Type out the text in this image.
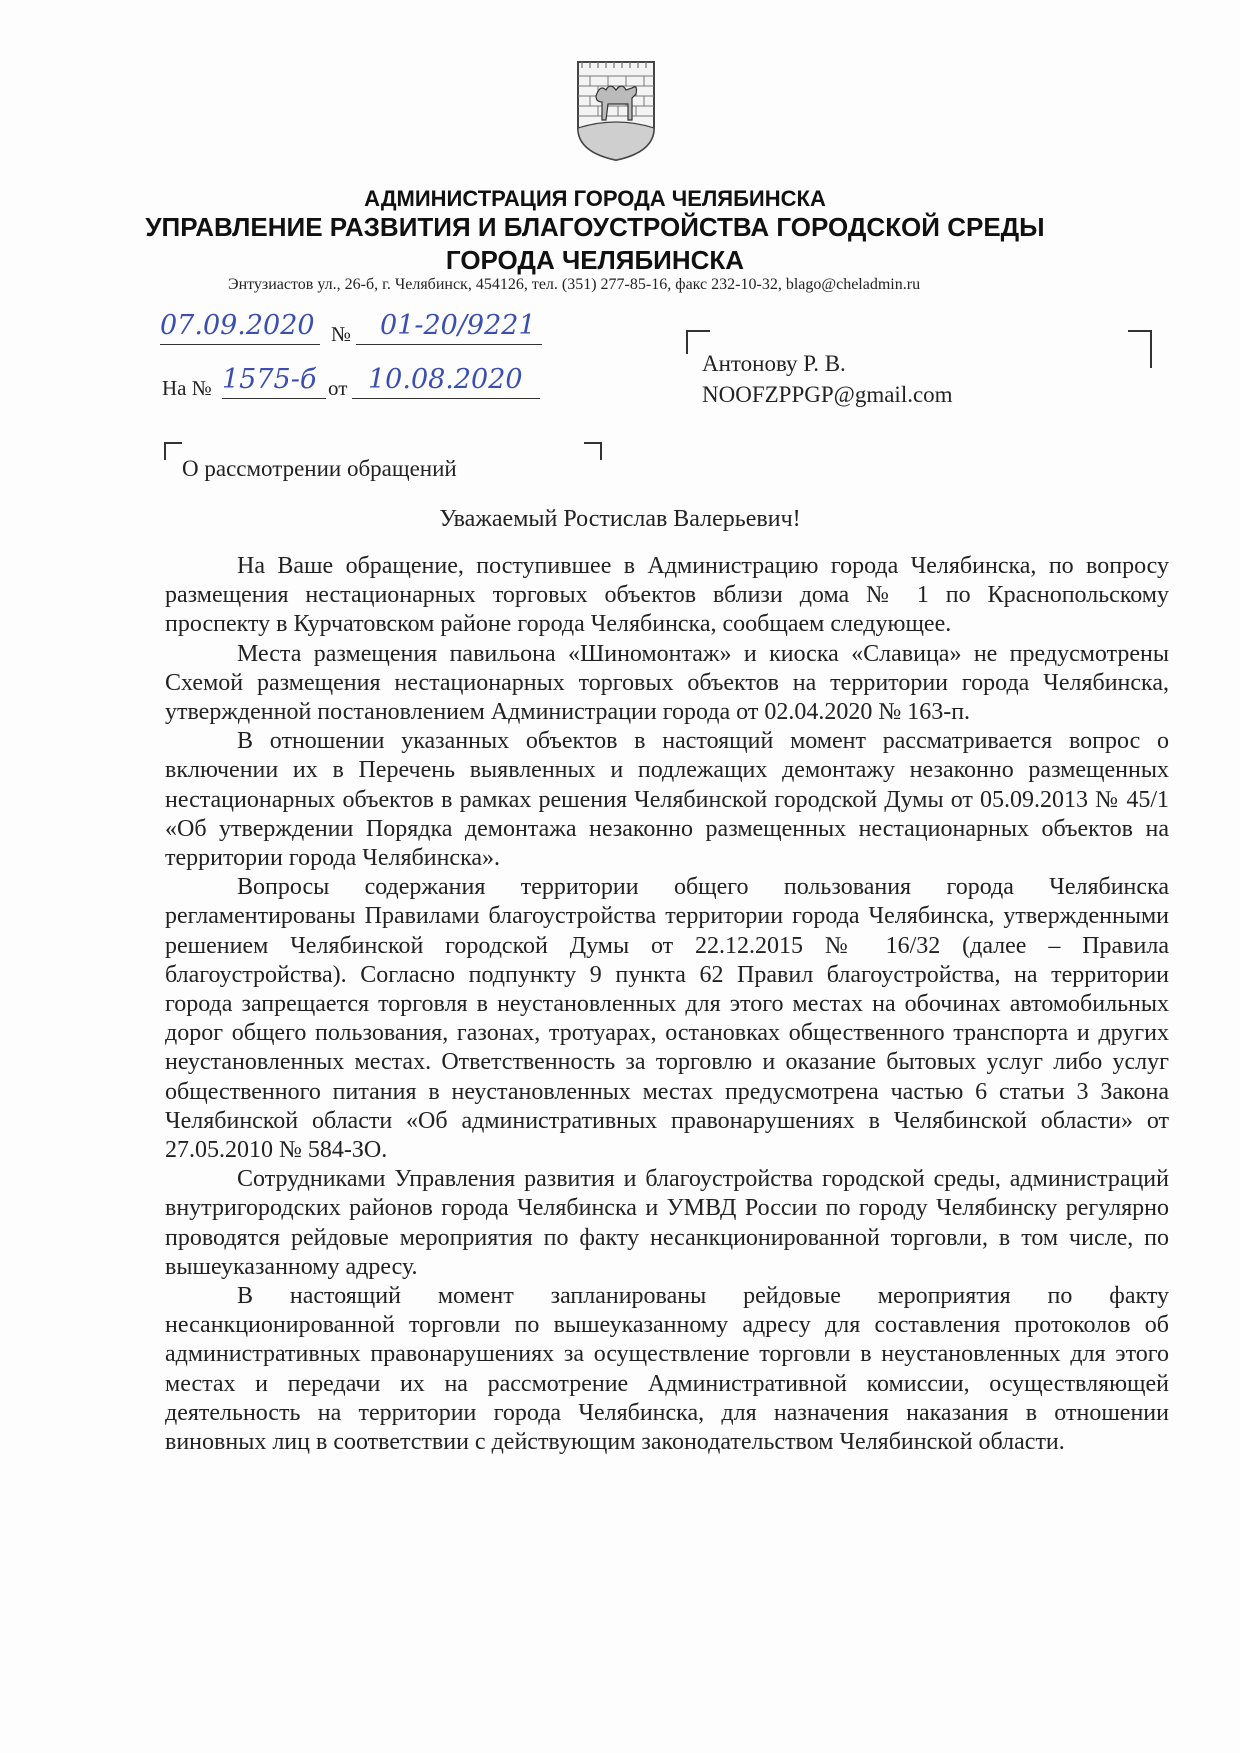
АДМИНИСТРАЦИЯ ГОРОДА ЧЕЛЯБИНСКА
УПРАВЛЕНИЕ РАЗВИТИЯ И БЛАГОУСТРОЙСТВА ГОРОДСКОЙ СРЕДЫ
ГОРОДА ЧЕЛЯБИНСКА
Энтузиастов ул., 26-б, г. Челябинск, 454126, тел. (351) 277-85-16, факс 232-10-32, blago@cheladmin.ru
07.09.2020 № 01-20/9221
На № 1575-б от 10.08.2020
Антонову Р. В.
NOOFZPPGP@gmail.com
О рассмотрении обращений
Уважаемый Ростислав Валерьевич!

На Ваше обращение, поступившее в Администрацию города Челябинска, по вопросу размещения нестационарных торговых объектов вблизи дома № 1 по Краснопольскому проспекту в Курчатовском районе города Челябинска, сообщаем следующее.

Места размещения павильона «Шиномонтаж» и киоска «Славица» не предусмотрены Схемой размещения нестационарных торговых объектов на территории города Челябинска, утвержденной постановлением Администрации города от 02.04.2020 № 163-п.

В отношении указанных объектов в настоящий момент рассматривается вопрос о включении их в Перечень выявленных и подлежащих демонтажу незаконно размещенных нестационарных объектов в рамках решения Челябинской городской Думы от 05.09.2013 № 45/1 «Об утверждении Порядка демонтажа незаконно размещенных нестационарных объектов на территории города Челябинска».

Вопросы содержания территории общего пользования города Челябинска регламентированы Правилами благоустройства территории города Челябинска, утвержденными решением Челябинской городской Думы от 22.12.2015 № 16/32 (далее – Правила благоустройства). Согласно подпункту 9 пункта 62 Правил благоустройства, на территории города запрещается торговля в неустановленных для этого местах на обочинах автомобильных дорог общего пользования, газонах, тротуарах, остановках общественного транспорта и других неустановленных местах. Ответственность за торговлю и оказание бытовых услуг либо услуг общественного питания в неустановленных местах предусмотрена частью 6 статьи 3 Закона Челябинской области «Об административных правонарушениях в Челябинской области» от 27.05.2010 № 584-ЗО.

Сотрудниками Управления развития и благоустройства городской среды, администраций внутригородских районов города Челябинска и УМВД России по городу Челябинску регулярно проводятся рейдовые мероприятия по факту несанкционированной торговли, в том числе, по вышеуказанному адресу.

В настоящий момент запланированы рейдовые мероприятия по факту несанкционированной торговли по вышеуказанному адресу для составления протоколов об административных правонарушениях за осуществление торговли в неустановленных для этого местах и передачи их на рассмотрение Административной комиссии, осуществляющей деятельность на территории города Челябинска, для назначения наказания в отношении виновных лиц в соответствии с действующим законодательством Челябинской области.
